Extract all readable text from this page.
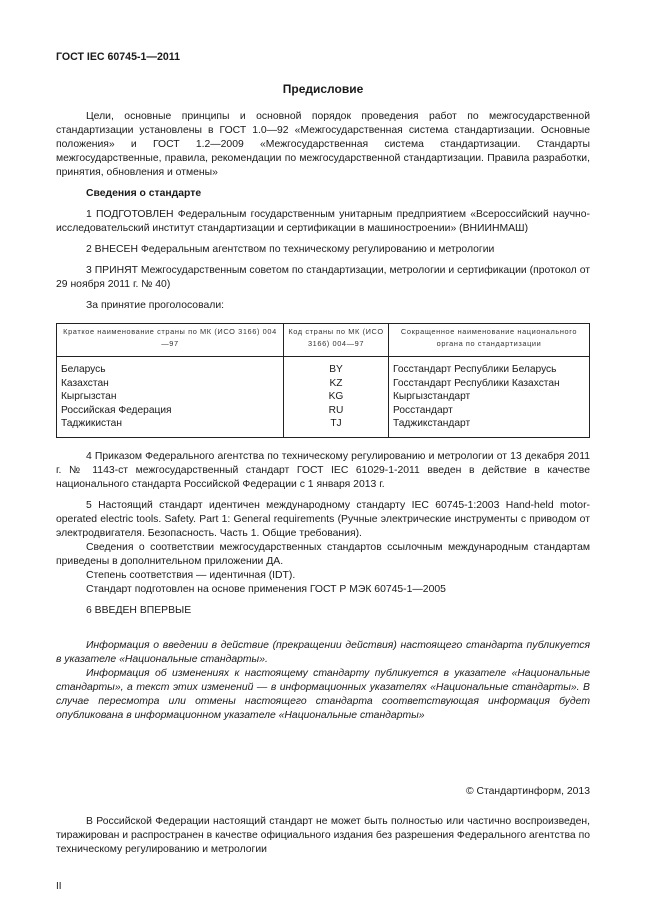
ГОСТ IEC 60745-1—2011
Предисловие

Цели, основные принципы и основной порядок проведения работ по межгосударственной стандартизации установлены в ГОСТ 1.0—92 «Межгосударственная система стандартизации. Основные положения» и ГОСТ 1.2—2009 «Межгосударственная система стандартизации. Стандарты межгосударственные, правила, рекомендации по межгосударственной стандартизации. Правила разработки, принятия, обновления и отмены»

Сведения о стандарте

1 ПОДГОТОВЛЕН Федеральным государственным унитарным предприятием «Всероссийский научно-исследовательский институт стандартизации и сертификации в машиностроении» (ВНИИНМАШ)

2 ВНЕСЕН Федеральным агентством по техническому регулированию и метрологии

3 ПРИНЯТ Межгосударственным советом по стандартизации, метрологии и сертификации (протокол от 29 ноября 2011 г. № 40)

За принятие проголосовали:

Краткое наименование страны по МК (ИСО 3166) 004—97	Код страны по МК (ИСО 3166) 004—97	Сокращенное наименование национального органа по стандартизации
Беларусь	BY	Госстандарт Республики Беларусь
Казахстан	KZ	Госстандарт Республики Казахстан
Кыргызстан	KG	Кыргызстандарт
Российская Федерация	RU	Росстандарт
Таджикистан	TJ	Таджикстандарт

4 Приказом Федерального агентства по техническому регулированию и метрологии от 13 декабря 2011 г. № 1143-ст межгосударственный стандарт ГОСТ IEC 61029-1-2011 введен в действие в качестве национального стандарта Российской Федерации с 1 января 2013 г.

5 Настоящий стандарт идентичен международному стандарту IEC 60745-1:2003 Hand-held motor-operated electric tools. Safety. Part 1: General requirements (Ручные электрические инструменты с приводом от электродвигателя. Безопасность. Часть 1. Общие требования).

Сведения о соответствии межгосударственных стандартов ссылочным международным стандартам приведены в дополнительном приложении ДА.

Степень соответствия — идентичная (IDT).

Стандарт подготовлен на основе применения ГОСТ Р МЭК 60745-1—2005

6 ВВЕДЕН ВПЕРВЫЕ

Информация о введении в действие (прекращении действия) настоящего стандарта публикуется в указателе «Национальные стандарты».

Информация об изменениях к настоящему стандарту публикуется в указателе «Национальные стандарты», а текст этих изменений — в информационных указателях «Национальные стандарты». В случае пересмотра или отмены настоящего стандарта соответствующая информация будет опубликована в информационном указателе «Национальные стандарты»

© Стандартинформ, 2013

В Российской Федерации настоящий стандарт не может быть полностью или частично воспроизведен, тиражирован и распространен в качестве официального издания без разрешения Федерального агентства по техническому регулированию и метрологии

II
